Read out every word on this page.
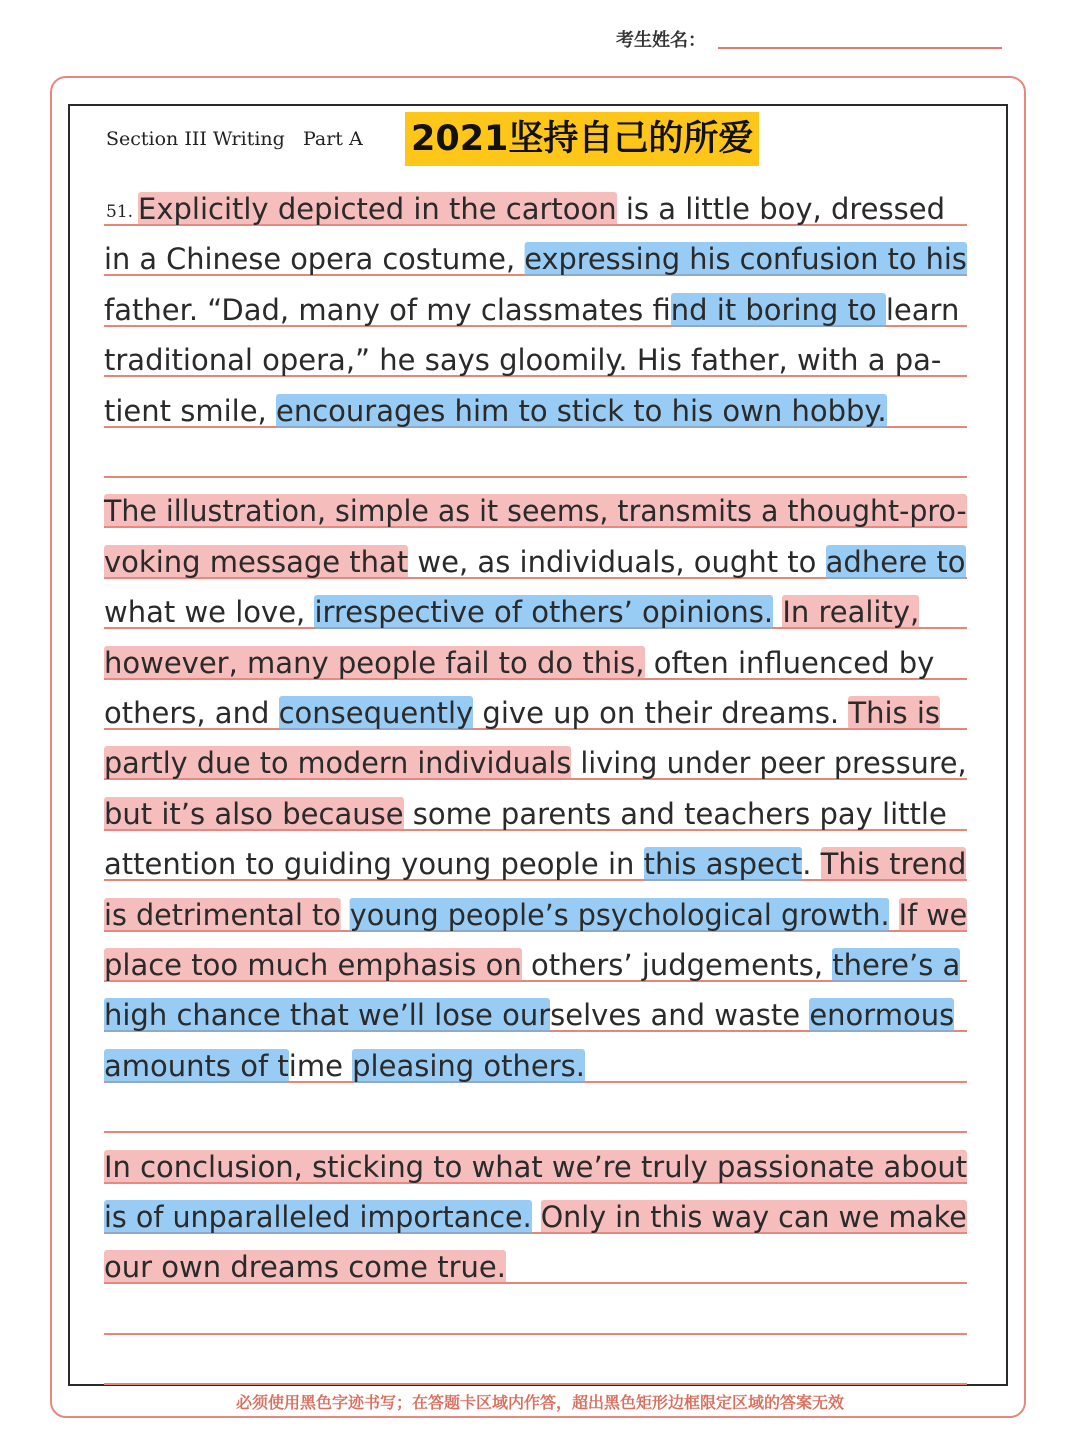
考生姓名：
Section III Writing   Part A 2021坚持自己的所爱
51. Explicitly depicted in the cartoon is a little boy, dressed
in a Chinese opera costume, expressing his confusion to his
father. “Dad, many of my classmates find it boring to learn
traditional opera,” he says gloomily. His father, with a pa-
tient smile, encourages him to stick to his own hobby.
The illustration, simple as it seems, transmits a thought-pro-
voking message that we, as individuals, ought to adhere to
what we love, irrespective of others’ opinions. In reality,
however, many people fail to do this, often influenced by
others, and consequently give up on their dreams. This is
partly due to modern individuals living under peer pressure,
but it’s also because some parents and teachers pay little
attention to guiding young people in this aspect. This trend
is detrimental to young people’s psychological growth. If we
place too much emphasis on others’ judgements, there’s a
high chance that we’ll lose ourselves and waste enormous
amounts of time pleasing others.
In conclusion, sticking to what we’re truly passionate about
is of unparalleled importance. Only in this way can we make
our own dreams come true.
必须使用黑色字迹书写；在答题卡区域内作答，超出黑色矩形边框限定区域的答案无效
